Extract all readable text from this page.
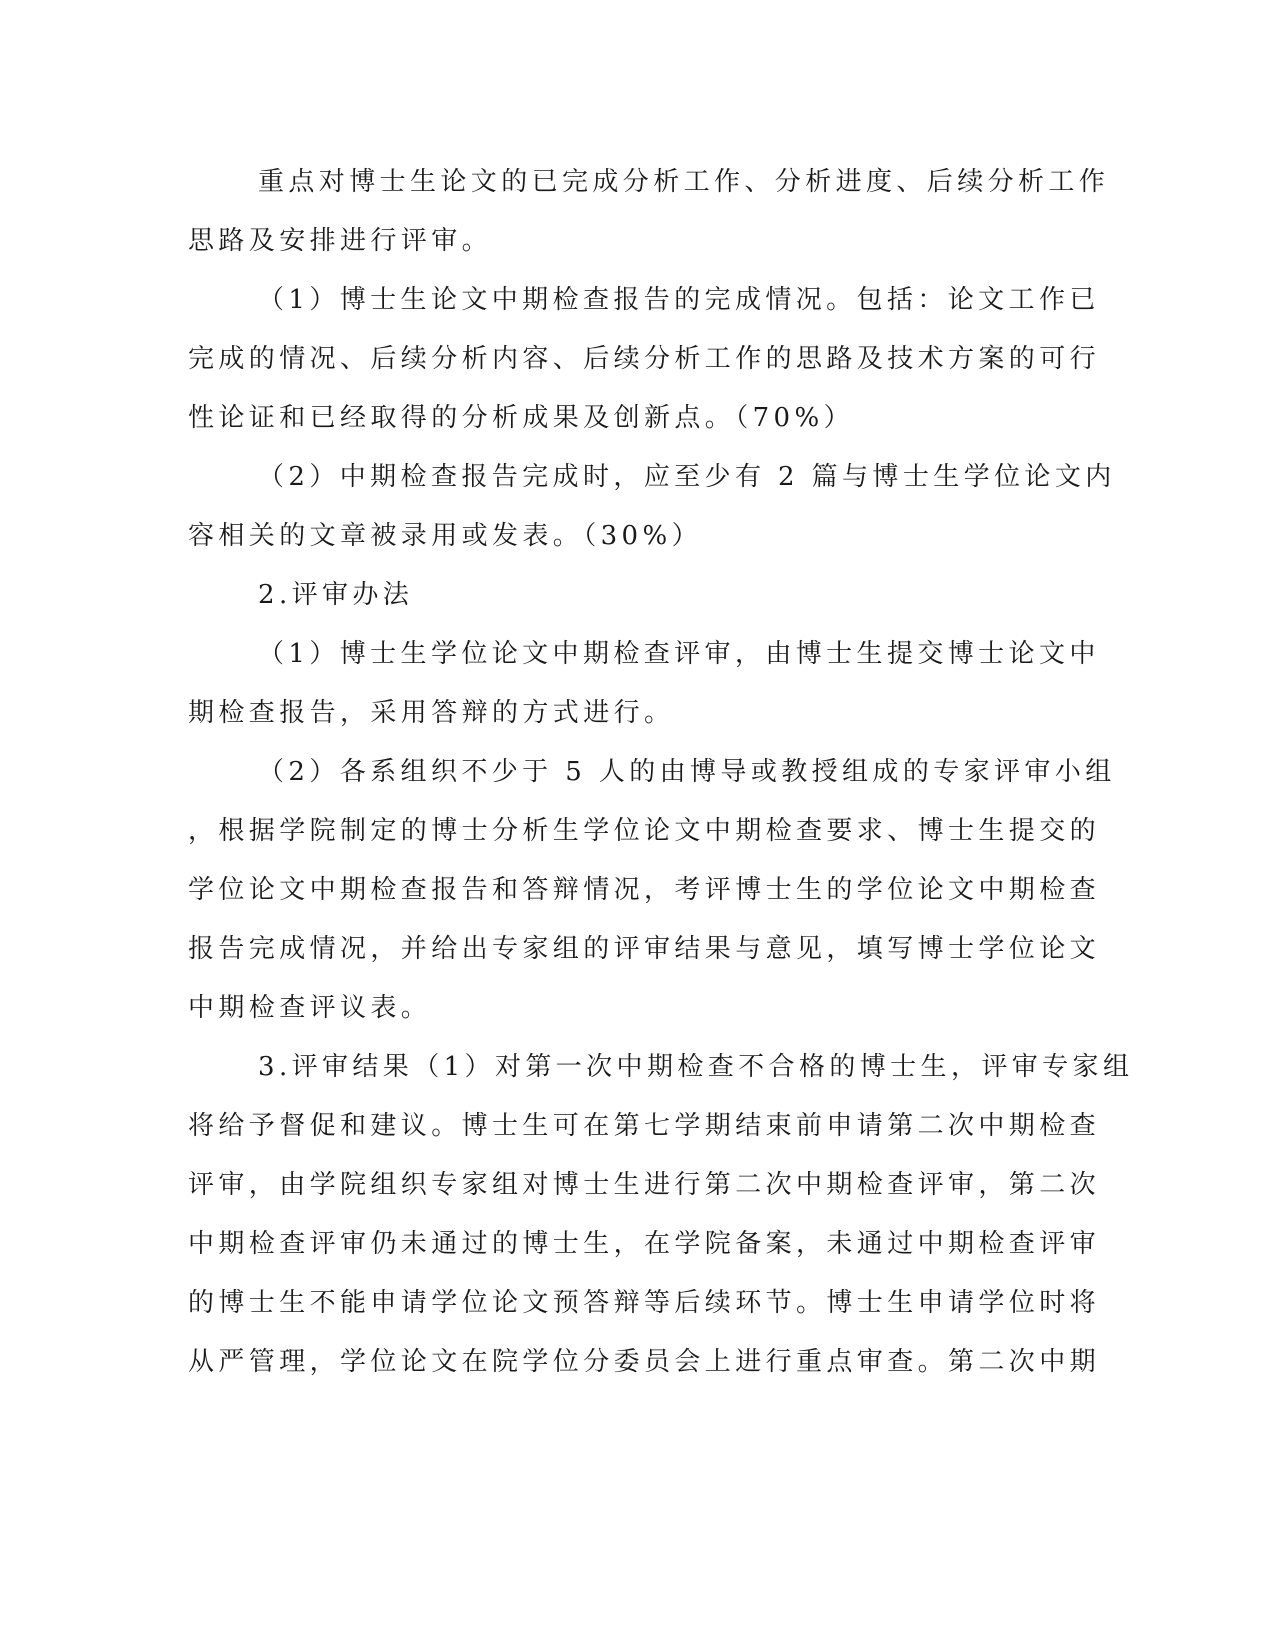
重点对博士生论文的已完成分析工作、分析进度、后续分析工作
思路及安排进行评审。
（1）博士生论文中期检查报告的完成情况。包括：论文工作已
完成的情况、后续分析内容、后续分析工作的思路及技术方案的可行
性论证和已经取得的分析成果及创新点。（70%）
（2）中期检查报告完成时，应至少有 2 篇与博士生学位论文内
容相关的文章被录用或发表。（30%）
2.评审办法
（1）博士生学位论文中期检查评审，由博士生提交博士论文中
期检查报告，采用答辩的方式进行。
（2）各系组织不少于 5 人的由博导或教授组成的专家评审小组
，根据学院制定的博士分析生学位论文中期检查要求、博士生提交的
学位论文中期检查报告和答辩情况，考评博士生的学位论文中期检查
报告完成情况，并给出专家组的评审结果与意见，填写博士学位论文
中期检查评议表。
3.评审结果（1）对第一次中期检查不合格的博士生，评审专家组
将给予督促和建议。博士生可在第七学期结束前申请第二次中期检查
评审，由学院组织专家组对博士生进行第二次中期检查评审，第二次
中期检查评审仍未通过的博士生，在学院备案，未通过中期检查评审
的博士生不能申请学位论文预答辩等后续环节。博士生申请学位时将
从严管理，学位论文在院学位分委员会上进行重点审查。第二次中期
